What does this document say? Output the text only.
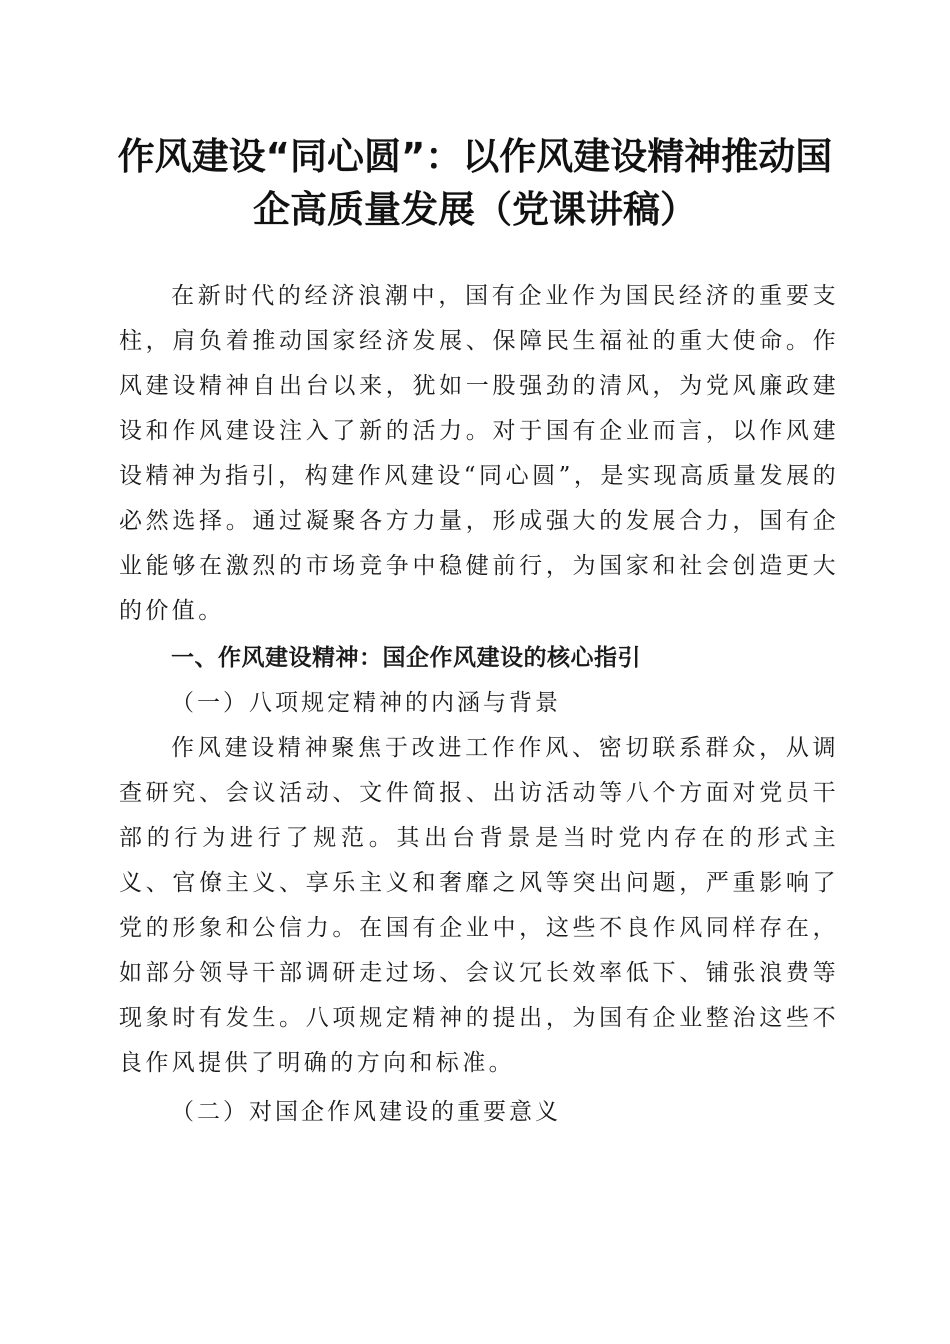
作风建设“同心圆”：以作风建设精神推动国
企高质量发展（党课讲稿）

在新时代的经济浪潮中，国有企业作为国民经济的重要支柱，肩负着推动国家经济发展、保障民生福祉的重大使命。作风建设精神自出台以来，犹如一股强劲的清风，为党风廉政建设和作风建设注入了新的活力。对于国有企业而言，以作风建设精神为指引，构建作风建设“同心圆”，是实现高质量发展的必然选择。通过凝聚各方力量，形成强大的发展合力，国有企业能够在激烈的市场竞争中稳健前行，为国家和社会创造更大的价值。

一、作风建设精神：国企作风建设的核心指引

（一）八项规定精神的内涵与背景

作风建设精神聚焦于改进工作作风、密切联系群众，从调查研究、会议活动、文件简报、出访活动等八个方面对党员干部的行为进行了规范。其出台背景是当时党内存在的形式主义、官僚主义、享乐主义和奢靡之风等突出问题，严重影响了党的形象和公信力。在国有企业中，这些不良作风同样存在，如部分领导干部调研走过场、会议冗长效率低下、铺张浪费等现象时有发生。八项规定精神的提出，为国有企业整治这些不良作风提供了明确的方向和标准。

（二）对国企作风建设的重要意义
